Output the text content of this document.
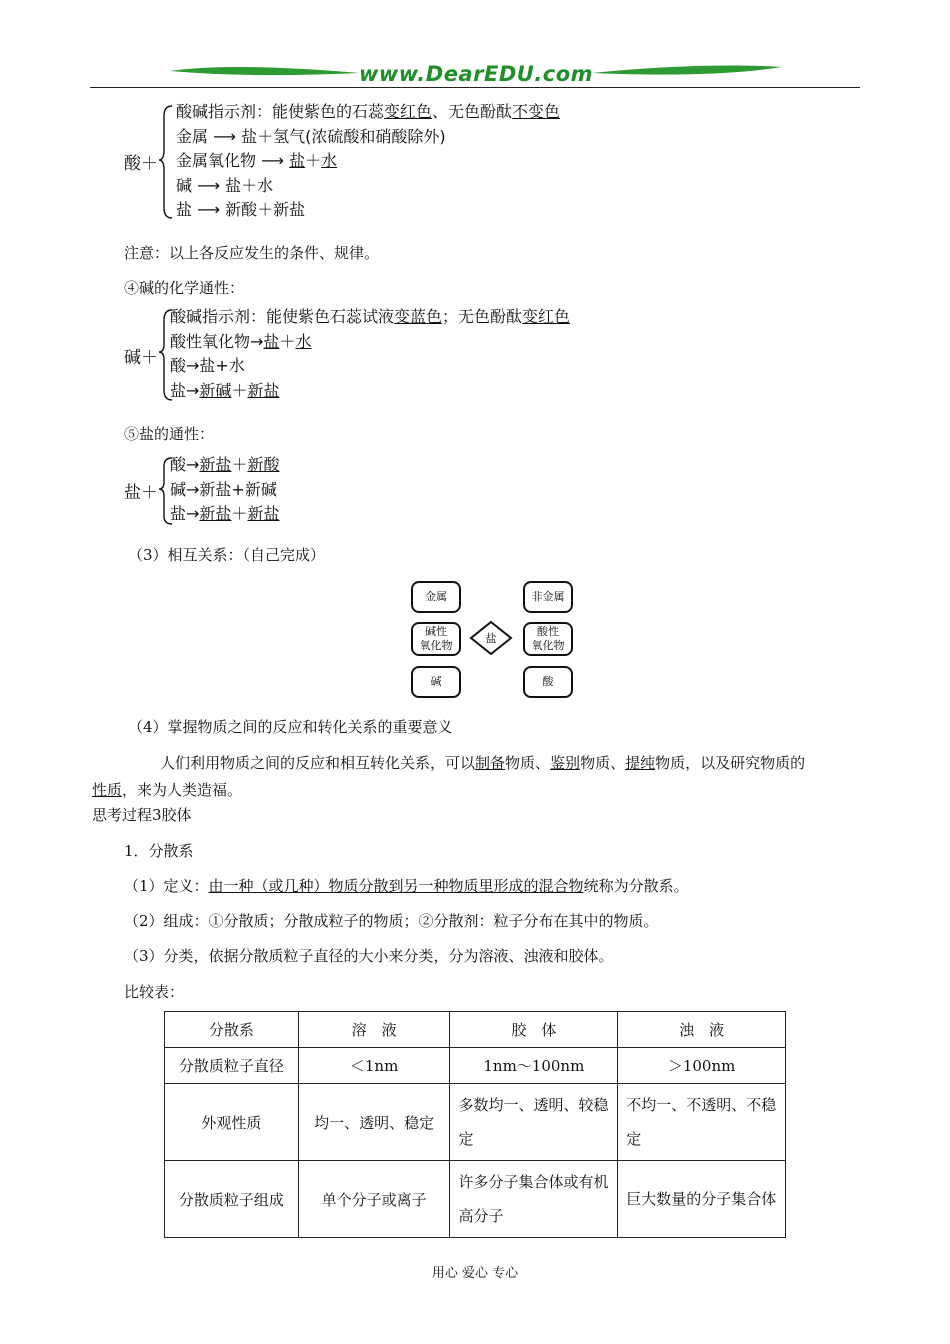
www.DearEDU.com
酸＋
酸碱指示剂：能使紫色的石蕊变红色、无色酚酞不变色
金属 ⟶ 盐＋氢气(浓硫酸和硝酸除外)
金属氧化物 ⟶ 盐＋水
碱 ⟶ 盐＋水
盐 ⟶ 新酸＋新盐
注意：以上各反应发生的条件、规律。
④碱的化学通性：
碱＋
酸碱指示剂：能使紫色石蕊试液变蓝色；无色酚酞变红色
酸性氧化物→盐＋水
酸→盐+水
盐→新碱＋新盐
⑤盐的通性：
盐＋
酸→新盐＋新酸
碱→新盐+新碱
盐→新盐＋新盐
（3）相互关系：（自己完成）
金属	非金属
碱性
氧化物
盐
酸性
氧化物
碱	酸
（4）掌握物质之间的反应和转化关系的重要意义
人们利用物质之间的反应和相互转化关系，可以制备物质、鉴别物质、提纯物质，以及研究物质的
性质，来为人类造福。
思考过程3胶体
1．分散系
（1）定义：由一种（或几种）物质分散到另一种物质里形成的混合物统称为分散系。
（2）组成：①分散质；分散成粒子的物质；②分散剂：粒子分布在其中的物质。
（3）分类，依据分散质粒子直径的大小来分类，分为溶液、浊液和胶体。
比较表：
分散系	溶　液	胶　体	浊　液
分散质粒子直径	＜1nm	1nm～100nm	＞100nm
外观性质	均一、透明、稳定	多数均一、透明、较稳定	不均一、不透明、不稳定
分散质粒子组成	单个分子或离子	许多分子集合体或有机高分子	巨大数量的分子集合体
用心 爱心 专心
